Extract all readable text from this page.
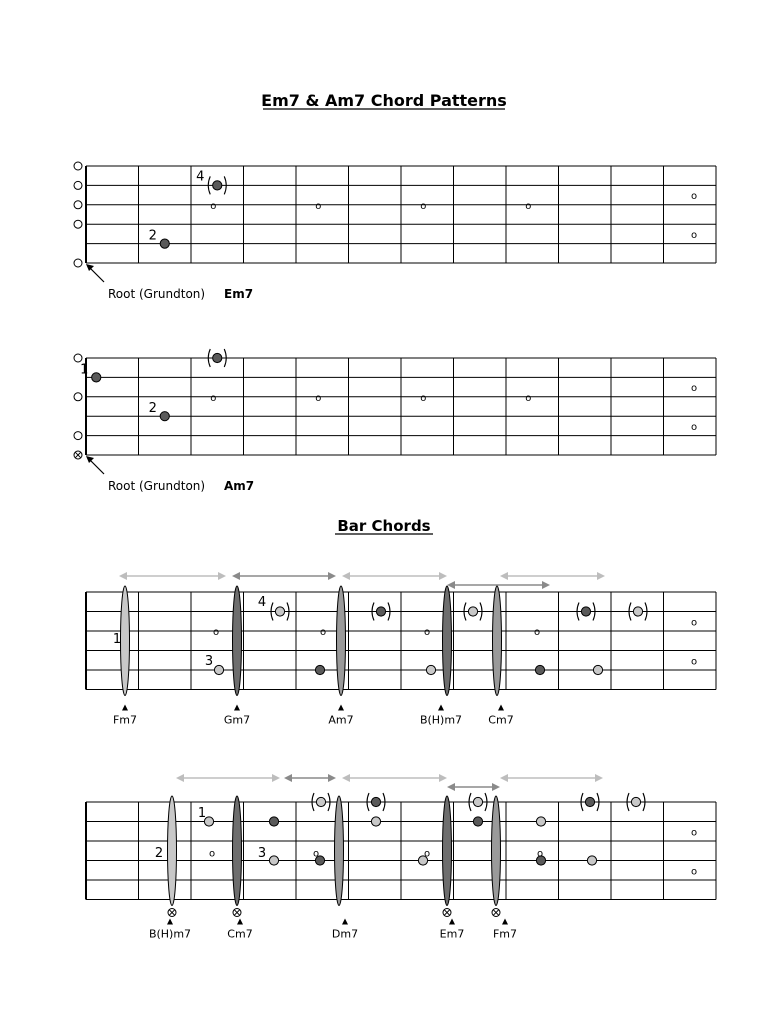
Em7 & Am7 Chord Patterns
o	o	o	o
o
o
4
2
Root (Grundton) Em7
o	o	o	o
o
o
1
2
Root (Grundton) Am7
Bar Chords
o	o	o	o
o
o
1
3
4
Fm7	Gm7	Am7	B(H)m7 Cm7
o	o	o	o
o
o
1
2	3
B(H)m7	Cm7	Dm7	Em7	Fm7
